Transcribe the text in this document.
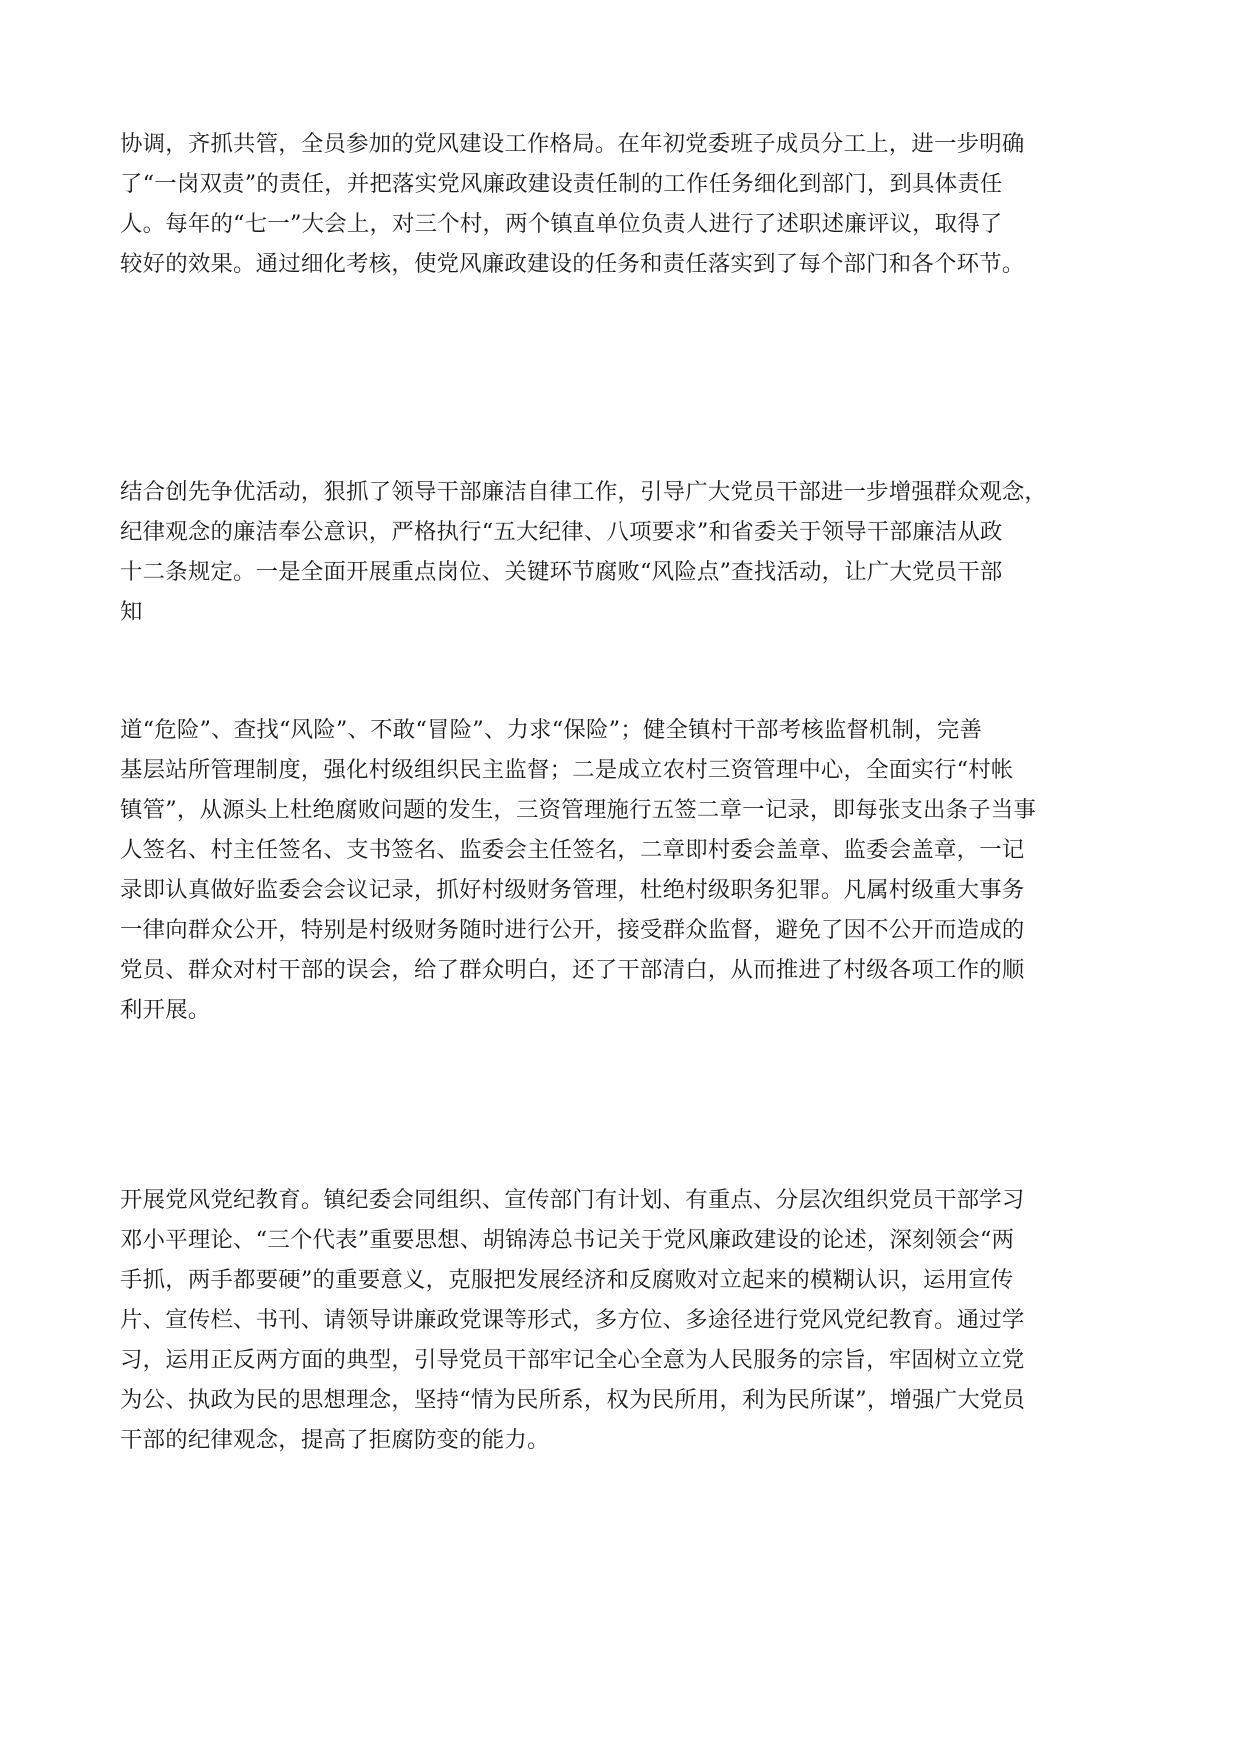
协调，齐抓共管，全员参加的党风建设工作格局。在年初党委班子成员分工上，进一步明确
了“一岗双责”的责任，并把落实党风廉政建设责任制的工作任务细化到部门，到具体责任
人。每年的“七一”大会上，对三个村，两个镇直单位负责人进行了述职述廉评议，取得了
较好的效果。通过细化考核，使党风廉政建设的任务和责任落实到了每个部门和各个环节。

结合创先争优活动，狠抓了领导干部廉洁自律工作，引导广大党员干部进一步增强群众观念，
纪律观念的廉洁奉公意识，严格执行“五大纪律、八项要求”和省委关于领导干部廉洁从政
十二条规定。一是全面开展重点岗位、关键环节腐败“风险点”查找活动，让广大党员干部
知

道“危险”、查找“风险”、不敢“冒险”、力求“保险”；健全镇村干部考核监督机制，完善
基层站所管理制度，强化村级组织民主监督；二是成立农村三资管理中心，全面实行“村帐
镇管”，从源头上杜绝腐败问题的发生，三资管理施行五签二章一记录，即每张支出条子当事
人签名、村主任签名、支书签名、监委会主任签名，二章即村委会盖章、监委会盖章，一记
录即认真做好监委会会议记录，抓好村级财务管理，杜绝村级职务犯罪。凡属村级重大事务
一律向群众公开，特别是村级财务随时进行公开，接受群众监督，避免了因不公开而造成的
党员、群众对村干部的误会，给了群众明白，还了干部清白，从而推进了村级各项工作的顺
利开展。

开展党风党纪教育。镇纪委会同组织、宣传部门有计划、有重点、分层次组织党员干部学习
邓小平理论、“三个代表”重要思想、胡锦涛总书记关于党风廉政建设的论述，深刻领会“两
手抓，两手都要硬”的重要意义，克服把发展经济和反腐败对立起来的模糊认识，运用宣传
片、宣传栏、书刊、请领导讲廉政党课等形式，多方位、多途径进行党风党纪教育。通过学
习，运用正反两方面的典型，引导党员干部牢记全心全意为人民服务的宗旨，牢固树立立党
为公、执政为民的思想理念，坚持“情为民所系，权为民所用，利为民所谋”，增强广大党员
干部的纪律观念，提高了拒腐防变的能力。
